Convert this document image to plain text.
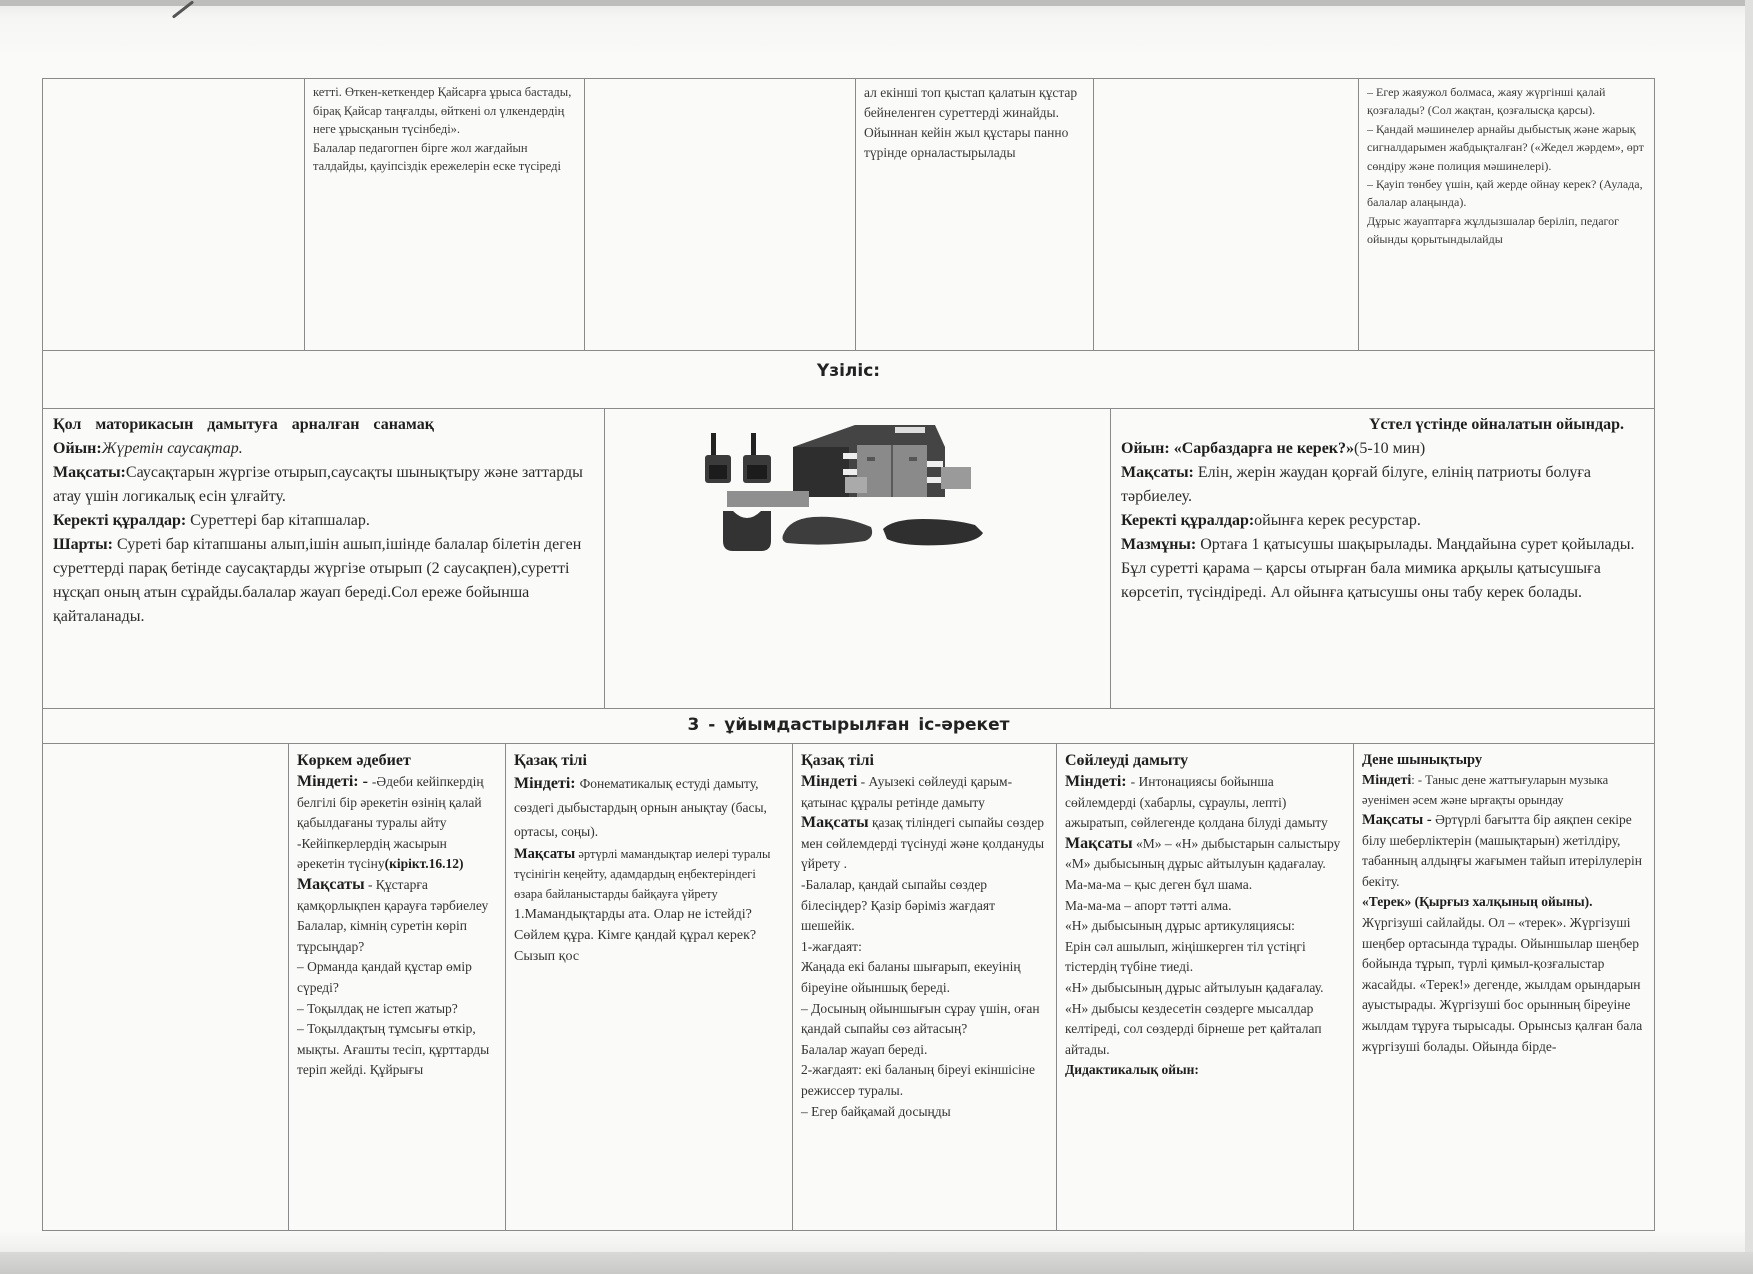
кетті. Өткен-кеткендер Қайсарға ұрыса бастады, бірақ Қайсар таңғалды, өйткені ол үлкендердің неге ұрысқанын түсінбеді».
Балалар педагогпен бірге жол жағдайын талдайды, қауіпсіздік ережелерін еске түсіреді
ал екінші топ қыстап қалатын құстар бейнеленген суреттерді жинайды. Ойыннан кейін жыл құстары панно түрінде орналастырылады
– Егер жаяужол болмаса, жаяу жүргінші қалай қозғалады? (Сол жақтан, қозғалысқа қарсы).
– Қандай мәшинелер арнайы дыбыстық және жарық сигналдарымен жабдықталған? («Жедел жәрдем», өрт сөндіру және полиция мәшинелері).
– Қауіп төнбеу үшін, қай жерде ойнау керек? (Аулада, балалар алаңында).
Дұрыс жауаптарға жұлдызшалар беріліп, педагог ойынды қорытындылайды
Үзіліс:
Қол маторикасын дамытуға арналған санамақ
Ойын:Жүретін саусақтар.
Мақсаты:Саусақтарын жүргізе отырып,саусақты шынықтыру және заттарды атау үшін логикалық есін ұлғайту.
Керекті құралдар: Суреттері бар кітапшалар.
Шарты: Суреті бар кітапшаны алып,ішін ашып,ішінде балалар білетін деген суреттерді парақ бетінде саусақтарды жүргізе отырып (2 саусақпен),суретті нұсқап оның атын сұрайды.балалар жауап береді.Сол ереже бойынша қайталанады.
Үстел үстінде ойналатын ойындар.
Ойын: «Сарбаздарға не керек?»(5-10 мин)
Мақсаты: Елін, жерін жаудан қорғай білуге, елінің патриоты болуға тәрбиелеу.
Керекті құралдар:ойынға керек ресурстар.
Мазмұны: Ортаға 1 қатысушы шақырылады. Маңдайына сурет қойылады. Бұл суретті қарама – қарсы отырған бала мимика арқылы қатысушыға көрсетіп, түсіндіреді. Ал ойынға қатысушы оны табу керек болады.
3 - ұйымдастырылған іс-әрекет
Көркем әдебиет
Міндеті: - -Әдеби кейіпкердің белгілі бір әрекетін өзінің қалай қабылдағаны туралы айту
-Кейіпкерлердің жасырын әрекетін түсіну(кірікт.16.12)
Мақсаты - Құстарға қамқорлықпен қарауға тәрбиелеу
Балалар, кімнің суретін көріп тұрсыңдар?
– Орманда қандай құстар өмір сүреді?
– Тоқылдақ не істеп жатыр?
– Тоқылдақтың тұмсығы өткір, мықты. Ағашты тесіп, құрттарды теріп жейді. Құйрығы
Қазақ тілі
Міндеті: Фонематикалық естуді дамыту, сөздегі дыбыстардың орнын анықтау (басы, ортасы, соңы).
Мақсаты әртүрлі мамандықтар иелері туралы түсінігін кеңейту, адамдардың еңбектеріндегі өзара байланыстарды байқауға үйрету
1.Мамандықтарды ата. Олар не істейді? Сөйлем құра. Кімге қандай құрал керек? Сызып қос
Қазақ тілі
Міндеті - Ауызекі сөйлеуді қарым-қатынас құралы ретінде дамыту
Мақсаты қазақ тіліндегі сыпайы сөздер мен сөйлемдерді түсінуді және қолдануды үйрету .
-Балалар, қандай сыпайы сөздер білесіңдер? Қазір бәріміз жағдаят шешейік.
1-жағдаят:
Жаңада екі баланы шығарып, екеуінің біреуіне ойыншық береді.
– Досының ойыншығын сұрау үшін, оған қандай сыпайы сөз айтасың?
Балалар жауап береді.
2-жағдаят: екі баланың біреуі екіншісіне режиссер туралы.
– Егер байқамай досыңды
Сөйлеуді дамыту
Міндеті: - Интонациясы бойынша сөйлемдерді (хабарлы, сұраулы, лепті) ажыратып, сөйлегенде қолдана білуді дамыту
Мақсаты «М» – «Н» дыбыстарын салыстыру
«М» дыбысының дұрыс айтылуын қадағалау.
Ма-ма-ма – қыс деген бұл шама.
Ма-ма-ма – апорт тәтті алма.
«Н» дыбысының дұрыс артикуляциясы:
Ерін сәл ашылып, жіңішкерген тіл үстіңгі тістердің түбіне тиеді.
«Н» дыбысының дұрыс айтылуын қадағалау. «Н» дыбысы кездесетін сөздерге мысалдар келтіреді, сол сөздерді бірнеше рет қайталап айтады.
Дидактикалық ойын:
Дене шынықтыру
Міндеті: - Таныс дене жаттығуларын музыка әуенімен әсем және ырғақты орындау
Мақсаты - Әртүрлі бағытта бір аяқпен секіре білу шеберліктерін (машықтарын) жетілдіру, табанның алдыңғы жағымен тайып итерілулерін бекіту.
«Терек» (Қырғыз халқының ойыны).
Жүргізуші сайлайды. Ол – «терек». Жүргізуші шеңбер ортасында тұрады. Ойыншылар шеңбер бойында тұрып, түрлі қимыл-қозғалыстар жасайды. «Терек!» дегенде, жылдам орындарын ауыстырады. Жүргізуші бос орынның біреуіне жылдам тұруға тырысады. Орынсыз қалған бала жүргізуші болады. Ойында бірде-
